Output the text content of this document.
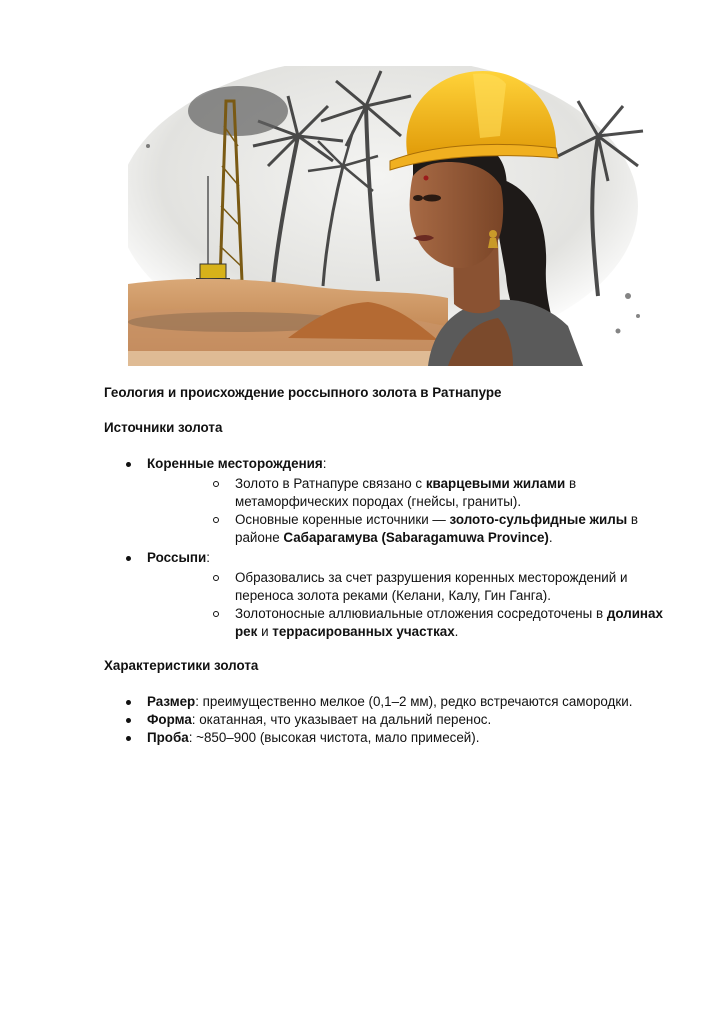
Геология и происхождение россыпного золота в Ратнапуре

Источники золота

Коренные месторождения:
Золото в Ратнапуре связано с кварцевыми жилами в метаморфических породах (гнейсы, граниты).
Основные коренные источники — золото-сульфидные жилы в районе Сабарагамува (Sabaragamuwa Province).
Россыпи:
Образовались за счет разрушения коренных месторождений и переноса золота реками (Келани, Калу, Гин Ганга).
Золотоносные аллювиальные отложения сосредоточены в долинах рек и террасированных участках.

Характеристики золота

Размер: преимущественно мелкое (0,1–2 мм), редко встречаются самородки.
Форма: окатанная, что указывает на дальний перенос.
Проба: ~850–900 (высокая чистота, мало примесей).
